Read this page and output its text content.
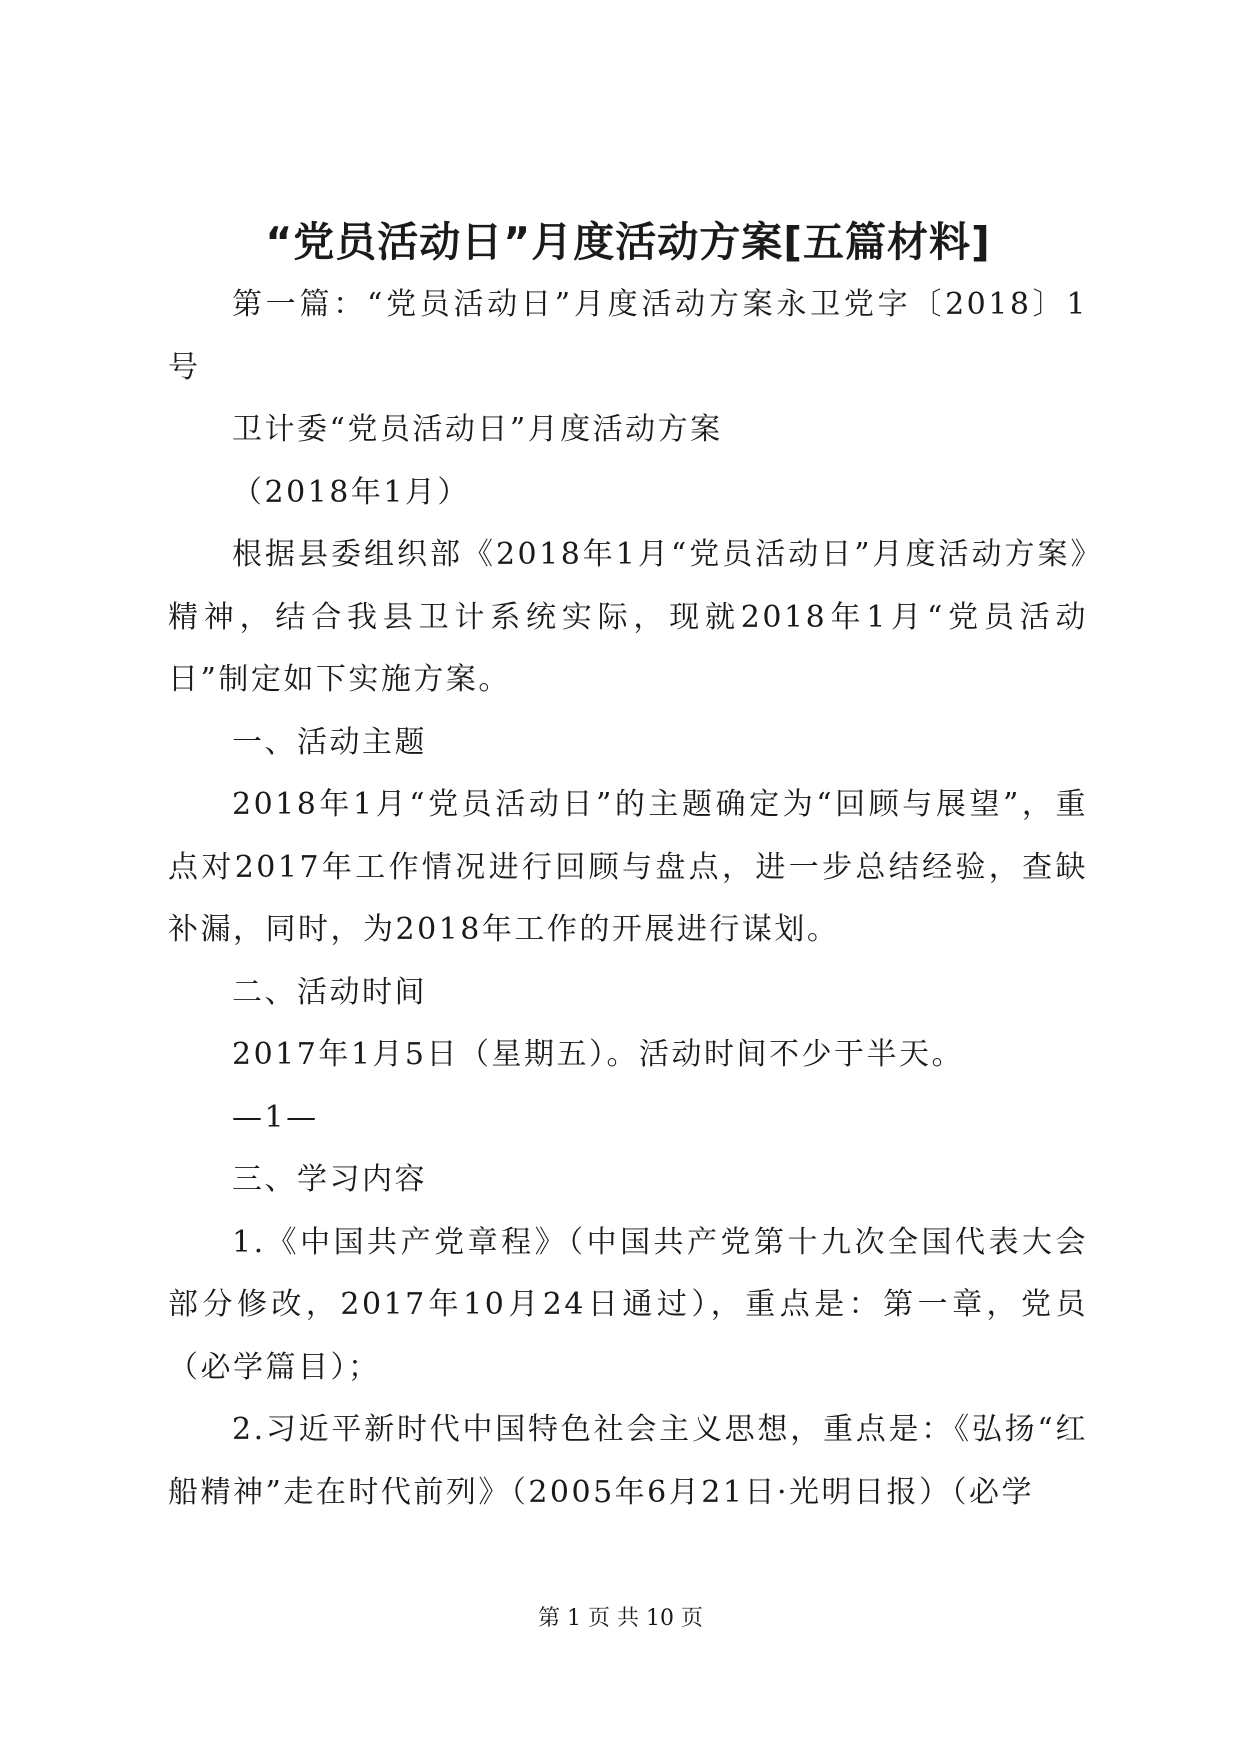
“党员活动日”月度活动方案[五篇材料]

第一篇：“党员活动日”月度活动方案永卫党字〔2018〕1号

卫计委“党员活动日”月度活动方案

（2018年1月）

根据县委组织部《2018年1月“党员活动日”月度活动方案》精神，结合我县卫计系统实际，现就2018年1月“党员活动日”制定如下实施方案。

一、活动主题

2018年1月“党员活动日”的主题确定为“回顾与展望”，重点对2017年工作情况进行回顾与盘点，进一步总结经验，查缺补漏，同时，为2018年工作的开展进行谋划。

二、活动时间

2017年1月5日（星期五）。活动时间不少于半天。

—1—

三、学习内容

1.《中国共产党章程》（中国共产党第十九次全国代表大会部分修改，2017年10月24日通过），重点是：第一章，党员（必学篇目）；

2.习近平新时代中国特色社会主义思想，重点是：《弘扬“红船精神”走在时代前列》（2005年6月21日·光明日报）（必学

第 1 页 共 10 页
